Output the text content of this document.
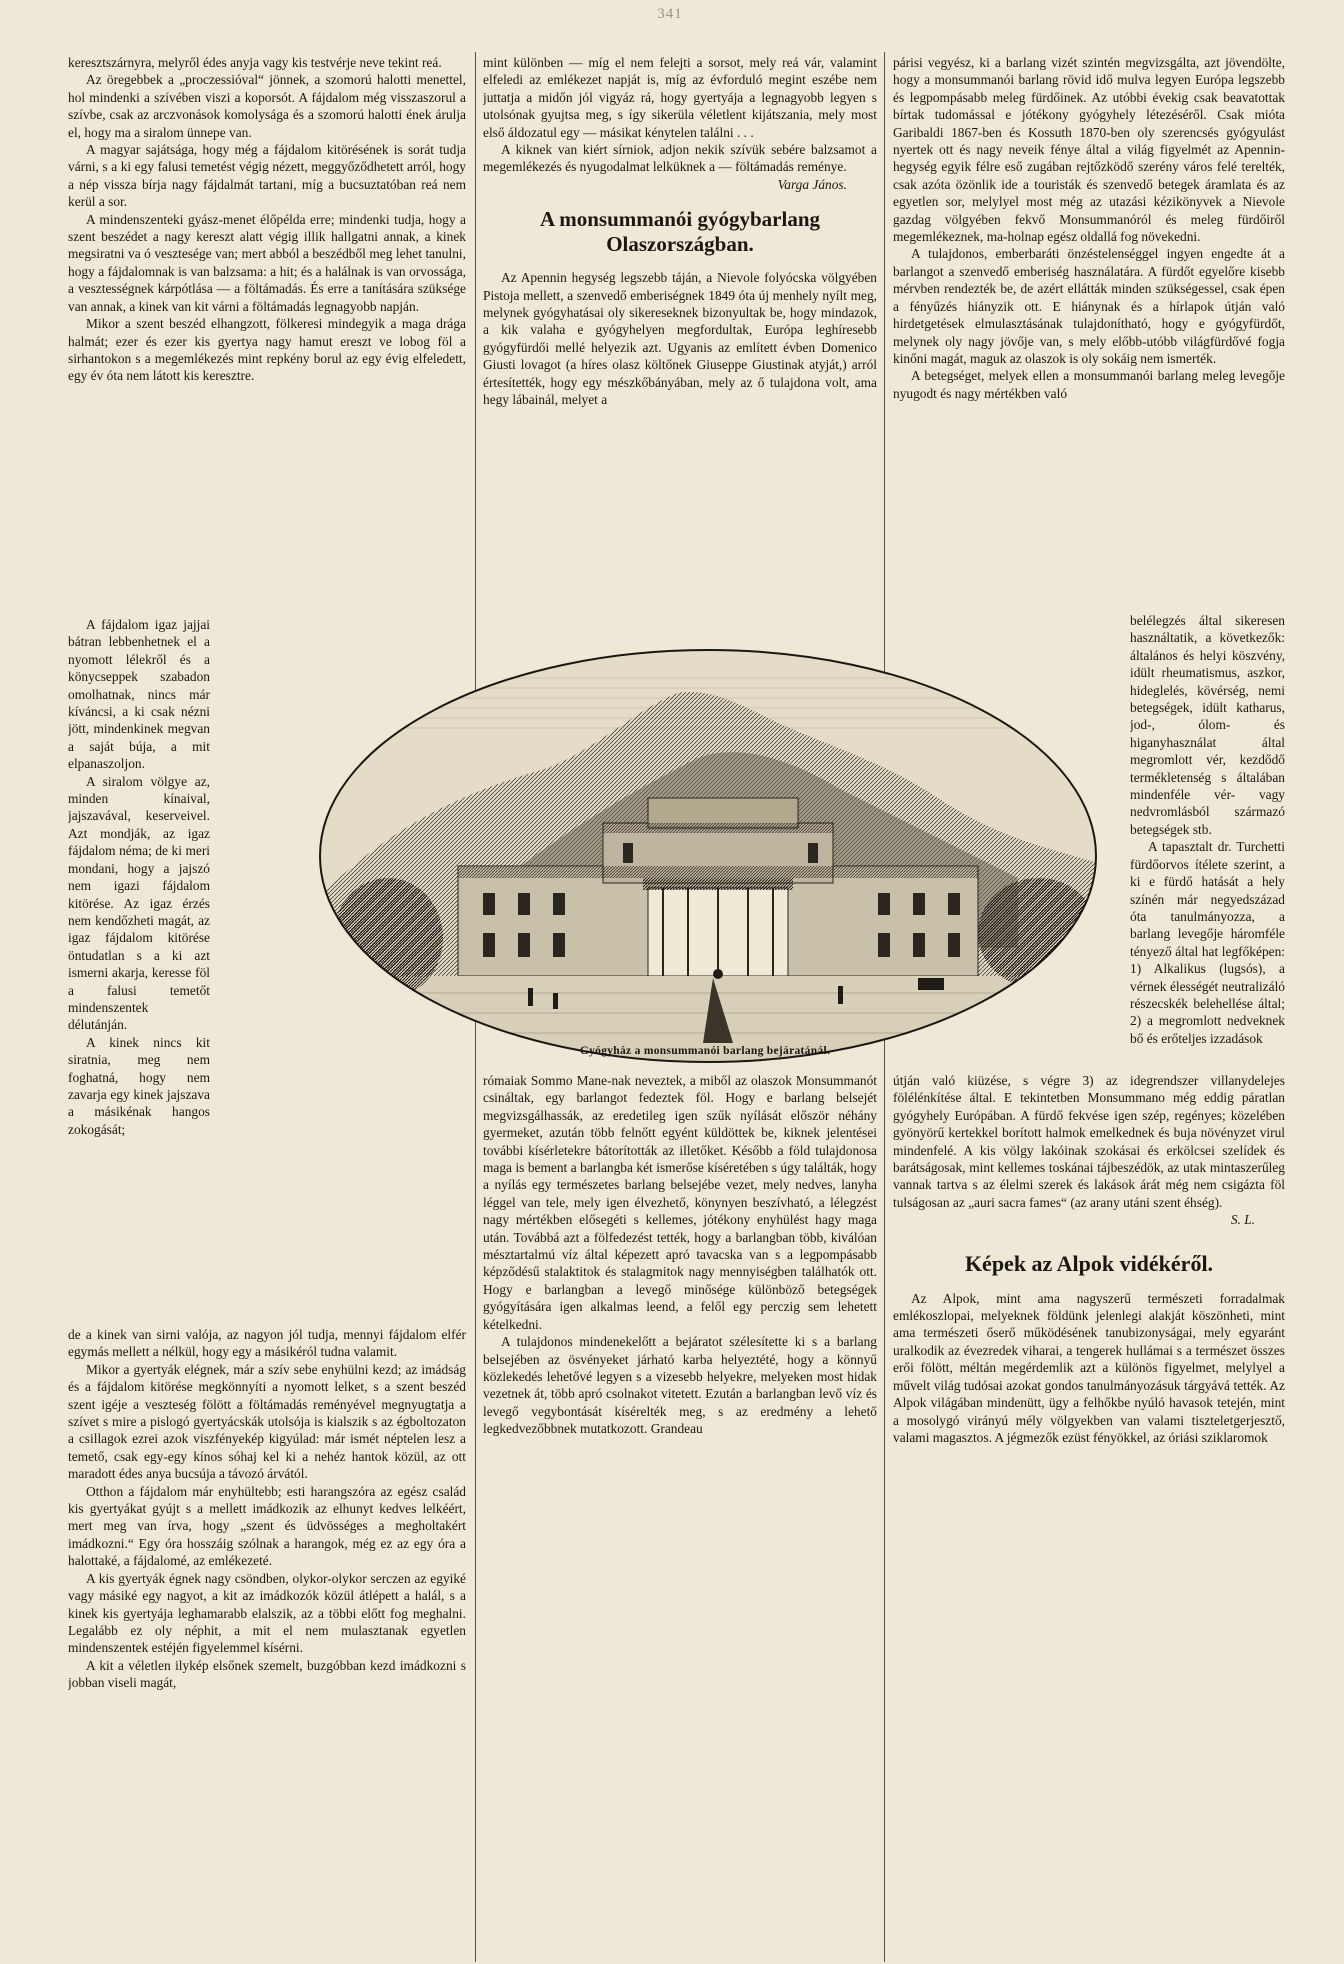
341

keresztszárnyra, melyről édes anyja vagy kis testvérje neve tekint reá.

Az öregebbek a „proczessióval“ jönnek, a szomorú halotti menettel, hol mindenki a szívében viszi a koporsót. A fájdalom még visszaszorul a szívbe, csak az arczvonások komolysága és a szomorú halotti ének árulja el, hogy ma a siralom ünnepe van.

A magyar sajátsága, hogy még a fájdalom kitörésének is sorát tudja várni, s a ki egy falusi temetést végig nézett, meggyőződhetett arról, hogy a nép vissza bírja nagy fájdalmát tartani, míg a bucsuztatóban reá nem kerül a sor.

A mindenszenteki gyász-menet élőpélda erre; mindenki tudja, hogy a szent beszédet a nagy kereszt alatt végig illik hallgatni annak, a kinek megsiratni va ó vesztesége van; mert abból a beszédből meg lehet tanulni, hogy a fájdalomnak is van balzsama: a hit; és a halálnak is van orvossága, a vesztességnek kárpótlása — a föltámadás. És erre a tanítására szüksége van annak, a kinek van kit várni a föltámadás legnagyobb napján.

Mikor a szent beszéd elhangzott, fölkeresi mindegyik a maga drága halmát; ezer és ezer kis gyertya nagy hamut ereszt ve lobog föl a sirhantokon s a megemlékezés mint repkény borul az egy évig elfeledett, egy év óta nem látott kis keresztre.

A fájdalom igaz jajjai bátran lebbenhetnek el a nyomott lélekről és a könycseppek szabadon omolhatnak, nincs már kíváncsi, a ki csak nézni jött, mindenkinek megvan a saját búja, a mit elpanaszoljon.

A siralom völgye az, minden kínaival, jajszavával, keserveivel. Azt mondják, az igaz fájdalom néma; de ki meri mondani, hogy a jajszó nem igazi fájdalom kitörése. Az igaz érzés nem kendőzheti magát, az igaz fájdalom kitörése öntudatlan s a ki azt ismerni akarja, keresse föl a falusi temetőt mindenszentek délutánján.

A kinek nincs kit siratnia, meg nem foghatná, hogy nem zavarja egy kinek jajszava a másikénak hangos zokogását;

de a kinek van sirni valója, az nagyon jól tudja, mennyi fájdalom elfér egymás mellett a nélkül, hogy egy a másikéról tudna valamit.

Mikor a gyertyák elégnek, már a szív sebe enyhülni kezd; az imádság és a fájdalom kitörése megkönnyíti a nyomott lelket, s a szent beszéd szent igéje a veszteség fölött a föltámadás reményével megnyugtatja a szívet s mire a pislogó gyertyácskák utolsója is kialszik s az égboltozaton a csillagok ezrei azok viszfényekép kigyúlad: már ismét néptelen lesz a temető, csak egy-egy kínos sóhaj kel ki a nehéz hantok közül, az ott maradott édes anya bucsúja a távozó árvától.

Otthon a fájdalom már enyhültebb; esti harangszóra az egész család kis gyertyákat gyújt s a mellett imádkozik az elhunyt kedves lelkéért, mert meg van írva, hogy „szent és üdvösséges a megholtakért imádkozni.“ Egy óra hosszáig szólnak a harangok, még ez az egy óra a halottaké, a fájdalomé, az emlékezeté.

A kis gyertyák égnek nagy csöndben, olykor-olykor serczen az egyiké vagy másiké egy nagyot, a kit az imádkozók közül átlépett a halál, s a kinek kis gyertyája leghamarabb elalszik, az a többi előtt fog meghalni. Legalább ez oly néphit, a mit el nem mulasztanak egyetlen mindenszentek estéjén figyelemmel kísérni.

A kit a véletlen ilykép elsőnek szemelt, buzgóbban kezd imádkozni s jobban viseli magát,

mint különben — míg el nem felejti a sorsot, mely reá vár, valamint elfeledi az emlékezet napját is, míg az évforduló megint eszébe nem juttatja a midőn jól vigyáz rá, hogy gyertyája a legnagyobb legyen s utolsónak gyujtsa meg, s így sikerülа véletlent kijátszania, mely most első áldozatul egy — másikat kénytelen találni . . .

A kiknek van kiért sírniok, adjon nekik szívük sebére balzsamot a megemlékezés és nyugodalmat lelküknek a — föltámadás reménye.

Varga János.

A monsummanói gyógybarlang Olaszországban.

Az Apennin hegység legszebb táján, a Nievole folyócska völgyében Pistoja mellett, a szenvedő emberiségnek 1849 óta új menhely nyílt meg, melynek gyógyhatásai oly sikereseknek bizonyultak be, hogy mindazok, a kik valaha e gyógyhelyen megfordultak, Európa leghíresebb gyógyfürdői mellé helyezik azt. Ugyanis az említett évben Domenico Giusti lovagot (a híres olasz költőnek Giuseppe Giustinak atyját,) arról értesítették, hogy egy mészkőbányában, mely az ő tulajdona volt, ama hegy lábainál, melyet a

párisi vegyész, ki a barlang vizét szintén megvizsgálta, azt jövendölte, hogy a monsummanói barlang rövid idő mulva legyen Európa legszebb és legpompásabb meleg fürdőinek. Az utóbbi évekig csak beavatottak bírtak tudomással e jótékony gyógyhely létezéséről. Csak mióta Garibaldi 1867-ben és Kossuth 1870-ben oly szerencsés gyógyulást nyertek ott és nagy neveik fénye által a világ figyelmét az Apennin-hegység egyik félre eső zugában rejtőzködő szerény város felé terelték, csak azóta özönlik ide a touristák és szenvedő betegek áramlata és az egyetlen sor, melylyel most még az utazási kézikönyvek a Nievole gazdag völgyében fekvő Monsummanóról és meleg fürdőiről megemlékeznek, ma-holnap egész oldallá fog növekedni.

A tulajdonos, emberbaráti önzéstelenséggel ingyen engedte át a barlangot a szenvedő emberiség használatára. A fürdőt egyelőre kisebb mérvben rendezték be, de azért ellátták minden szükségessel, csak épen a fényűzés hiányzik ott. E hiánynak és a hírlapok útján való hirdetgetések elmulasztásának tulajdonítható, hogy e gyógyfürdőt, melynek oly nagy jövője van, s mely előbb-utóbb világfürdővé fogja kinőni magát, maguk az olaszok is oly sokáig nem ismerték.

A betegséget, melyek ellen a monsummanói barlang meleg levegője nyugodt és nagy mértékben való

belélegzés által sikeresen használtatik, a következők: általános és helyi köszvény, idült rheumatismus, aszkor, hideglelés, kövérség, nemi betegségek, idült katharus, jod-, ólom- és higanyhasználat által megromlott vér, kezdődő termékletenség s általában mindenféle vér- vagy nedvromlásból származó betegségek stb.

A tapasztalt dr. Turchetti fürdőorvos ítélete szerint, a ki e fürdő hatását a hely színén már negyedszázad óta tanulmányozza, a barlang levegője háromféle tényező által hat legfőképen: 1) Alkalikus (lugsós), a vérnek élességét neutralizáló részecskék belehellése által; 2) a megromlott nedveknek bő és erőteljes izzadások

Gyógyház a monsummanói barlang bejáratánál.

rómaiak Sommo Mane-nak neveztek, a miből az olaszok Monsummanót csináltak, egy barlangot fedeztek föl. Hogy e barlang belsejét megvizsgálhassák, az eredetileg igen szűk nyílását először néhány gyermeket, azután több felnőtt egyént küldöttek be, kiknek jelentései további kísérletekre bátorították az illetőket. Később a föld tulajdonosa maga is bement a barlangba két ismerőse kíséretében s úgy találták, hogy a nyílás egy természetes barlang belsejébe vezet, mely nedves, lanyha léggel van tele, mely igen élvezhető, könynyen beszívható, a lélegzést nagy mértékben elősegéti s kellemes, jótékony enyhülést hagy maga után. Továbbá azt a fölfedezést tették, hogy a barlangban több, kiválóan mésztartalmú víz által képezett apró tavacska van s a legpompásabb képződésű stalaktitok és stalagmitok nagy mennyiségben találhatók ott. Hogy e barlangban a levegő minősége különböző betegségek gyógyítására igen alkalmas leend, a felől egy perczig sem lehetett kételkedni.

A tulajdonos mindenekelőtt a bejáratot szélesítette ki s a barlang belsejében az ösvényeket járható karba helyeztété, hogy a könnyű közlekedés lehetővé legyen s a vizesebb helyekre, melyeken most hidak vezetnek át, több apró csolnakot vitetett. Ezután a barlangban levő víz és levegő vegybontását kísérelték meg, s az eredmény a lehető legkedvezőbbnek mutatkozott. Grandeau

útján való kiüzése, s végre 3) az idegrendszer villanydelejes fölélénkítése által. E tekintetben Monsummano még eddig páratlan gyógyhely Európában. A fürdő fekvése igen szép, regényes; közelében gyönyörű kertekkel borított halmok emelkednek és buja növényzet virul mindenfelé. A kis völgy lakóinak szokásai és erkölcsei szelídek és barátságosak, mint kellemes toskánai tájbeszédök, az utak mintaszerűleg vannak tartva s az élelmi szerek és lakások árát még nem csigázta föl tulságosan az „auri sacra fames“ (az arany utáni szent éhség).

S. L.

Képek az Alpok vidékéről.

Az Alpok, mint ama nagyszerű természeti forradalmak emlékoszlopai, melyeknek földünk jelenlegi alakját köszönheti, mint ama természeti őserő működésének tanubizonyságai, mely egyaránt uralkodik az évezredek viharai, a tengerek hullámai s a természet összes erői fölött, méltán megérdemlik azt a különös figyelmet, melylyel a művelt világ tudósai azokat gondos tanulmányozásuk tárgyává tették. Az Alpok világában mindenütt, ügy a felhőkbe nyúló havasok tetején, mint a mosolygó virányú mély völgyekben van valami tiszteletgerjesztő, valami magasztos. A jégmezők ezüst fényökkel, az óriási sziklaromok
